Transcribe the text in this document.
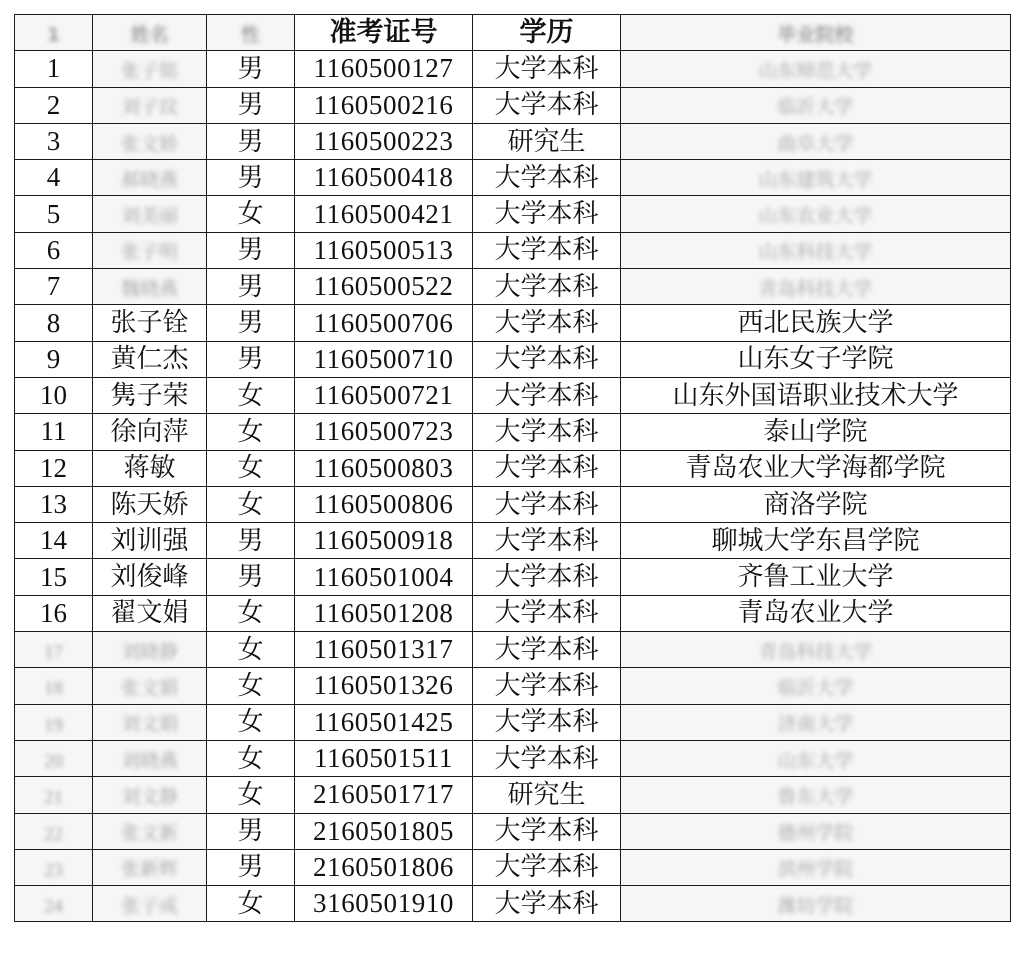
1	姓名	性	准考证号	学历	毕业院校
1	张子铭	男	1160500127	大学本科	山东师范大学
2	刘子玟	男	1160500216	大学本科	临沂大学
3	张文娇	男	1160500223	研究生	曲阜大学
4	郝晓燕	男	1160500418	大学本科	山东建筑大学
5	刘美丽	女	1160500421	大学本科	山东农业大学
6	张子明	男	1160500513	大学本科	山东科技大学
7	魏晓燕	男	1160500522	大学本科	青岛科技大学
8	张子铨	男	1160500706	大学本科	西北民族大学
9	黄仁杰	男	1160500710	大学本科	山东女子学院
10	隽子荣	女	1160500721	大学本科	山东外国语职业技术大学
11	徐向萍	女	1160500723	大学本科	泰山学院
12	蒋敏	女	1160500803	大学本科	青岛农业大学海都学院
13	陈天娇	女	1160500806	大学本科	商洛学院
14	刘训强	男	1160500918	大学本科	聊城大学东昌学院
15	刘俊峰	男	1160501004	大学本科	齐鲁工业大学
16	翟文娟	女	1160501208	大学本科	青岛农业大学
17	刘晓静	女	1160501317	大学本科	青岛科技大学
18	张文娟	女	1160501326	大学本科	临沂大学
19	刘文娟	女	1160501425	大学本科	济南大学
20	刘晓燕	女	1160501511	大学本科	山东大学
21	刘文静	女	2160501717	研究生	鲁东大学
22	张文新	男	2160501805	大学本科	德州学院
23	张新辉	男	2160501806	大学本科	滨州学院
24	张子成	女	3160501910	大学本科	潍坊学院
